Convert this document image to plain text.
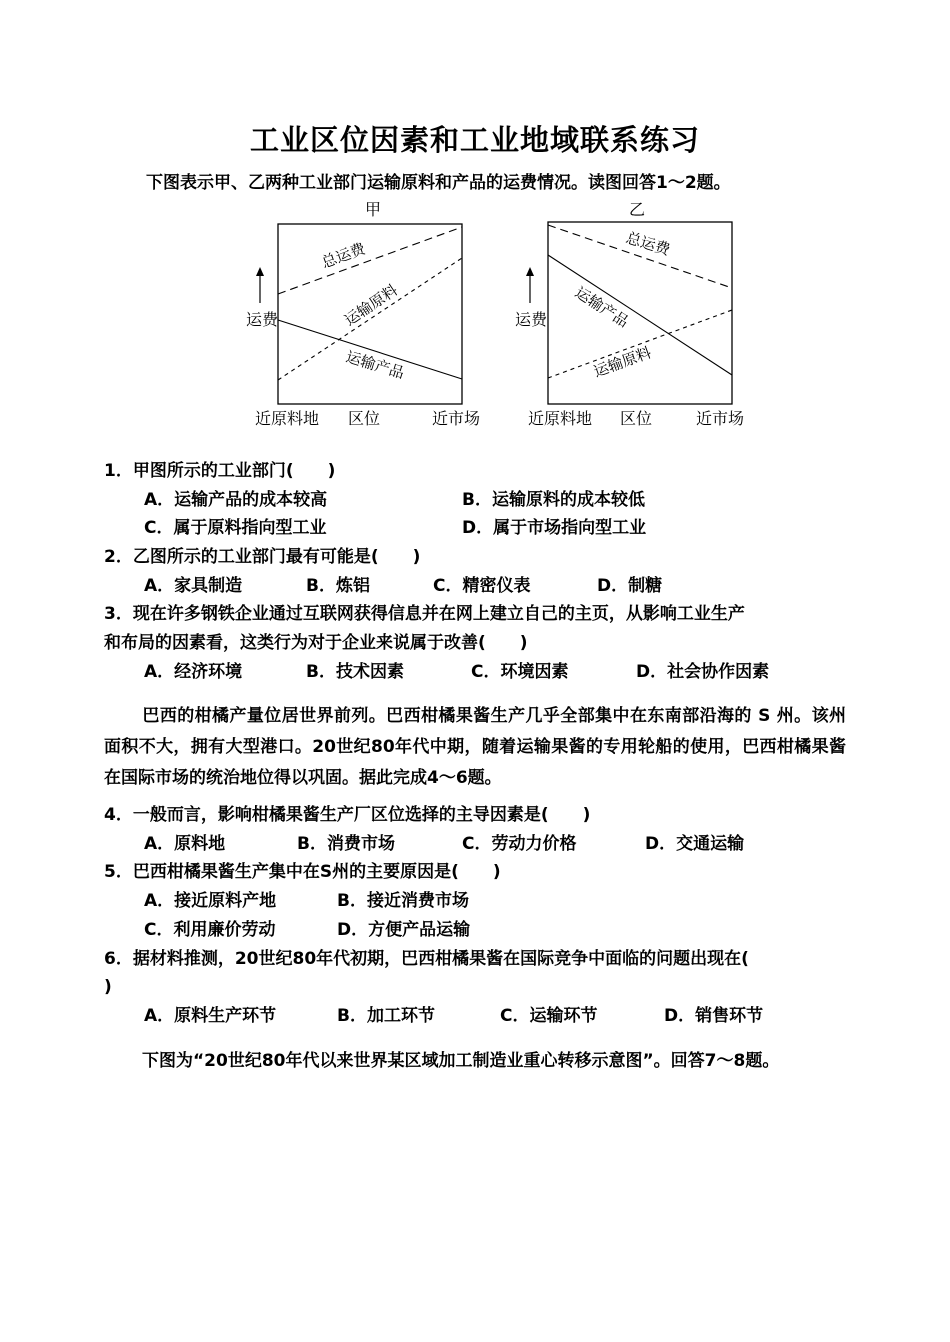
工业区位因素和工业地域联系练习
下图表示甲、乙两种工业部门运输原料和产品的运费情况。读图回答1～2题。
甲
总运费
运输原料
运输产品
运费
近原料地 区位	近市场
乙
总运费
运输产品
运输原料
运费
近原料地 区位	近市场
1．甲图所示的工业部门(　　)
A．运输产品的成本较高	B．运输原料的成本较低
C．属于原料指向型工业	D．属于市场指向型工业
2．乙图所示的工业部门最有可能是(　　)
A．家具制造	B．炼铝	C．精密仪表	D．制糖
3．现在许多钢铁企业通过互联网获得信息并在网上建立自己的主页，从影响工业生产
和布局的因素看，这类行为对于企业来说属于改善(　　)
A．经济环境	B．技术因素	C．环境因素	D．社会协作因素
巴西的柑橘产量位居世界前列。巴西柑橘果酱生产几乎全部集中在东南部沿海的 S 州。该州面积不大，拥有大型港口。20世纪80年代中期，随着运输果酱的专用轮船的使用，巴西柑橘果酱在国际市场的统治地位得以巩固。据此完成4～6题。
4．一般而言，影响柑橘果酱生产厂区位选择的主导因素是(　　)
A．原料地	B．消费市场	C．劳动力价格	D．交通运输
5．巴西柑橘果酱生产集中在S州的主要原因是(　　)
A．接近原料产地	B．接近消费市场
C．利用廉价劳动	D．方便产品运输
6．据材料推测，20世纪80年代初期，巴西柑橘果酱在国际竞争中面临的问题出现在(
)
A．原料生产环节	B．加工环节	C．运输环节	D．销售环节
下图为“20世纪80年代以来世界某区域加工制造业重心转移示意图”。回答7～8题。
